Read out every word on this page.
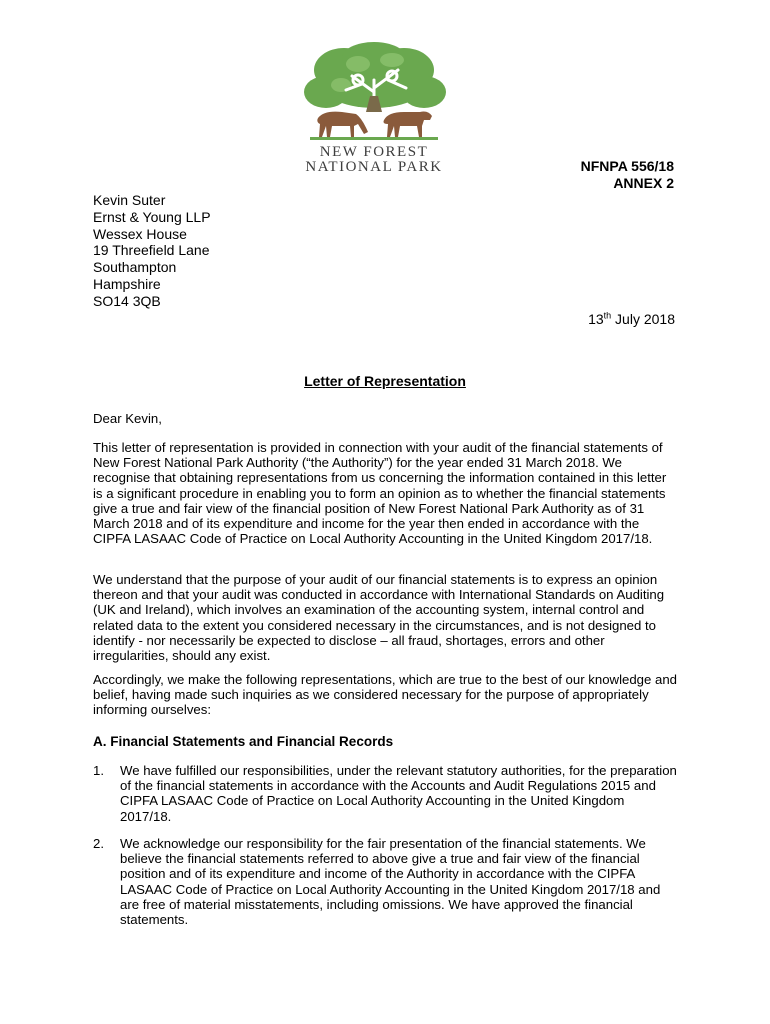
NEW FOREST
NATIONAL PARK	NFNPA 556/18
ANNEX 2
Kevin Suter
Ernst & Young LLP
Wessex House
19 Threefield Lane
Southampton
Hampshire
SO14 3QB
13th July 2018
Letter of Representation
Dear Kevin,
This letter of representation is provided in connection with your audit of the financial statements of New Forest National Park Authority (“the Authority”) for the year ended 31 March 2018. We recognise that obtaining representations from us concerning the information contained in this letter is a significant procedure in enabling you to form an opinion as to whether the financial statements give a true and fair view of the financial position of New Forest National Park Authority as of 31 March 2018 and of its expenditure and income for the year then ended in accordance with the CIPFA LASAAC Code of Practice on Local Authority Accounting in the United Kingdom 2017/18.
We understand that the purpose of your audit of our financial statements is to express an opinion thereon and that your audit was conducted in accordance with International Standards on Auditing (UK and Ireland), which involves an examination of the accounting system, internal control and related data to the extent you considered necessary in the circumstances, and is not designed to identify - nor necessarily be expected to disclose – all fraud, shortages, errors and other irregularities, should any exist.
Accordingly, we make the following representations, which are true to the best of our knowledge and belief, having made such inquiries as we considered necessary for the purpose of appropriately informing ourselves:
A. Financial Statements and Financial Records
1.	We have fulfilled our responsibilities, under the relevant statutory authorities, for the preparation of the financial statements in accordance with the Accounts and Audit Regulations 2015 and CIPFA LASAAC Code of Practice on Local Authority Accounting in the United Kingdom 2017/18.
2.	We acknowledge our responsibility for the fair presentation of the financial statements. We believe the financial statements referred to above give a true and fair view of the financial position and of its expenditure and income of the Authority in accordance with the CIPFA LASAAC Code of Practice on Local Authority Accounting in the United Kingdom 2017/18 and are free of material misstatements, including omissions. We have approved the financial statements.
